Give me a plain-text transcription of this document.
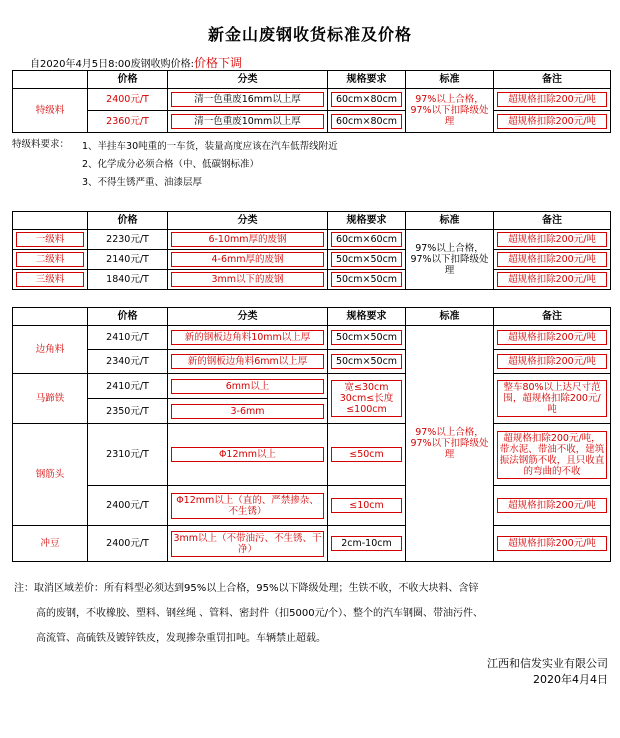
新金山废钢收货标准及价格
自2020年4月5日8:00废钢收购价格:价格下调
	价格	分类	规格要求	标准	备注
特级料	2400元/T	清一色重废16mm以上厚	60cm×80cm	97%以上合格，97%以下扣降级处理	超规格扣除200元/吨

	2360元/T	清一色重废10mm以上厚	60cm×80cm		超规格扣除200元/吨
特级料要求： 1、半挂车30吨重的一车货，装量高度应该在汽车低帮线附近
2、化学成分必须合格（中、低碳钢标准）
3、不得生锈严重、油漆层厚
	价格	分类	规格要求	标准	备注

一级料	2230元/T	6-10mm厚的废钢	60cm×60cm	97%以上合格，97%以下扣降级处理	超规格扣除200元/吨

二级料	2140元/T	4-6mm厚的废钢	50cm×50cm		超规格扣除200元/吨

三级料	1840元/T	3mm以下的废钢	50cm×50cm		超规格扣除200元/吨
	价格	分类	规格要求	标准	备注
边角料	2410元/T	新的钢板边角料10mm以上厚	50cm×50cm	97%以上合格，97%以下扣降级处理	超规格扣除200元/吨

	2340元/T	新的钢板边角料6mm以上厚	50cm×50cm		超规格扣除200元/吨

马蹄铁	2410元/T	6mm以上	宽≤30cm 30cm≤长度≤100cm		整车80%以上达尺寸范围，超规格扣除200元/吨

	2350元/T	3-6mm			

钢筋头	2310元/T	Φ12mm以上	≤50cm		超规格扣除200元/吨，带水泥、带油不收，建筑振法钢筋不收，且只收直的弯曲的不收

	2400元/T	Φ12mm以上（直的、严禁掺杂、不生锈）	≤10cm		超规格扣除200元/吨

冲豆	2400元/T	3mm以上（不带油污、不生锈、干净）	2cm-10cm		超规格扣除200元/吨
注：取消区域差价：所有料型必须达到95%以上合格，95%以下降级处理；生铁不收，不收大块料、含锌
高的废钢，不收橡胶、塑料、钢丝绳 、管料、密封件（扣5000元/个）、整个的汽车钢圈、带油污件、
高流管、高硫铁及镀锌铁皮，发现掺杂重罚扣吨。车辆禁止超载。
江西和信发实业有限公司
2020年4月4日
